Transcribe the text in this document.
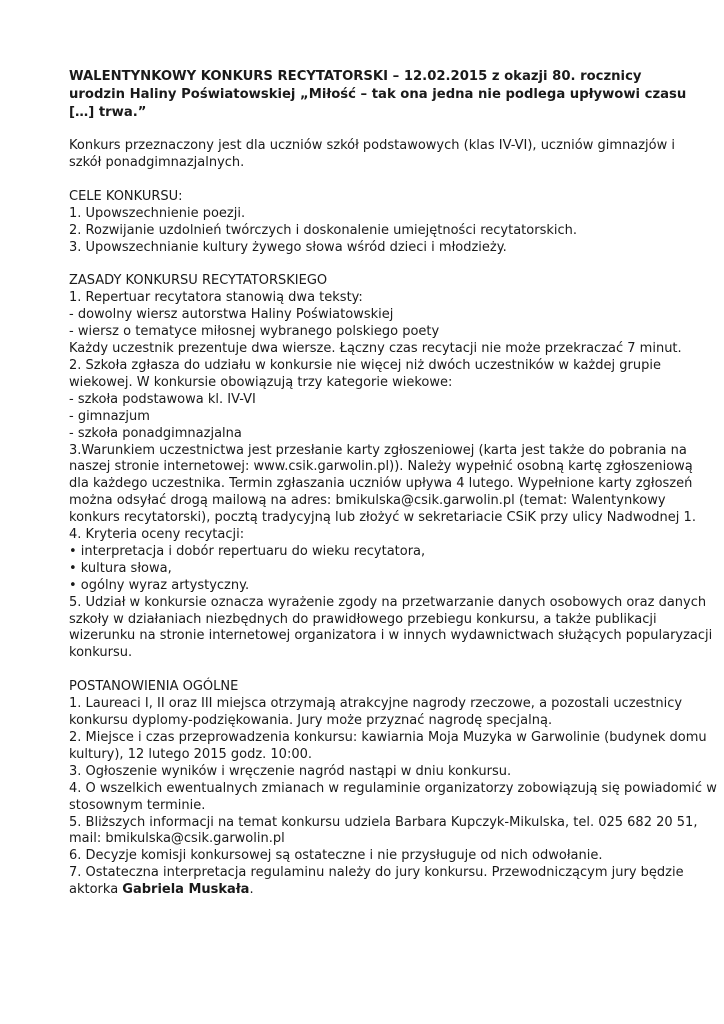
WALENTYNKOWY KONKURS RECYTATORSKI – 12.02.2015 z okazji 80. rocznicy
urodzin Haliny Poświatowskiej „Miłość – tak ona jedna nie podlega upływowi czasu
[…] trwa.”
Konkurs przeznaczony jest dla uczniów szkół podstawowych (klas IV-VI), uczniów gimnazjów i
szkół ponadgimnazjalnych.
CELE KONKURSU:
1. Upowszechnienie poezji.
2. Rozwijanie uzdolnień twórczych i doskonalenie umiejętności recytatorskich.
3. Upowszechnianie kultury żywego słowa wśród dzieci i młodzieży.
ZASADY KONKURSU RECYTATORSKIEGO
1. Repertuar recytatora stanowią dwa teksty:
- dowolny wiersz autorstwa Haliny Poświatowskiej
- wiersz o tematyce miłosnej wybranego polskiego poety
Każdy uczestnik prezentuje dwa wiersze. Łączny czas recytacji nie może przekraczać 7 minut.
2. Szkoła zgłasza do udziału w konkursie nie więcej niż dwóch uczestników w każdej grupie
wiekowej. W konkursie obowiązują trzy kategorie wiekowe:
- szkoła podstawowa kl. IV-VI
- gimnazjum
- szkoła ponadgimnazjalna
3.Warunkiem uczestnictwa jest przesłanie karty zgłoszeniowej (karta jest także do pobrania na
naszej stronie internetowej: www.csik.garwolin.pl)). Należy wypełnić osobną kartę zgłoszeniową
dla każdego uczestnika. Termin zgłaszania uczniów upływa 4 lutego. Wypełnione karty zgłoszeń
można odsyłać drogą mailową na adres: bmikulska@csik.garwolin.pl (temat: Walentynkowy
konkurs recytatorski), pocztą tradycyjną lub złożyć w sekretariacie CSiK przy ulicy Nadwodnej 1.
4. Kryteria oceny recytacji:
• interpretacja i dobór repertuaru do wieku recytatora,
• kultura słowa,
• ogólny wyraz artystyczny.
5. Udział w konkursie oznacza wyrażenie zgody na przetwarzanie danych osobowych oraz danych
szkoły w działaniach niezbędnych do prawidłowego przebiegu konkursu, a także publikacji
wizerunku na stronie internetowej organizatora i w innych wydawnictwach służących popularyzacji
konkursu.
POSTANOWIENIA OGÓLNE
1. Laureaci I, II oraz III miejsca otrzymają atrakcyjne nagrody rzeczowe, a pozostali uczestnicy
konkursu dyplomy-podziękowania. Jury może przyznać nagrodę specjalną.
2. Miejsce i czas przeprowadzenia konkursu: kawiarnia Moja Muzyka w Garwolinie (budynek domu
kultury), 12 lutego 2015 godz. 10:00.
3. Ogłoszenie wyników i wręczenie nagród nastąpi w dniu konkursu.
4. O wszelkich ewentualnych zmianach w regulaminie organizatorzy zobowiązują się powiadomić w
stosownym terminie.
5. Bliższych informacji na temat konkursu udziela Barbara Kupczyk-Mikulska, tel. 025 682 20 51,
mail: bmikulska@csik.garwolin.pl
6. Decyzje komisji konkursowej są ostateczne i nie przysługuje od nich odwołanie.
7. Ostateczna interpretacja regulaminu należy do jury konkursu. Przewodniczącym jury będzie
aktorka Gabriela Muskała.
